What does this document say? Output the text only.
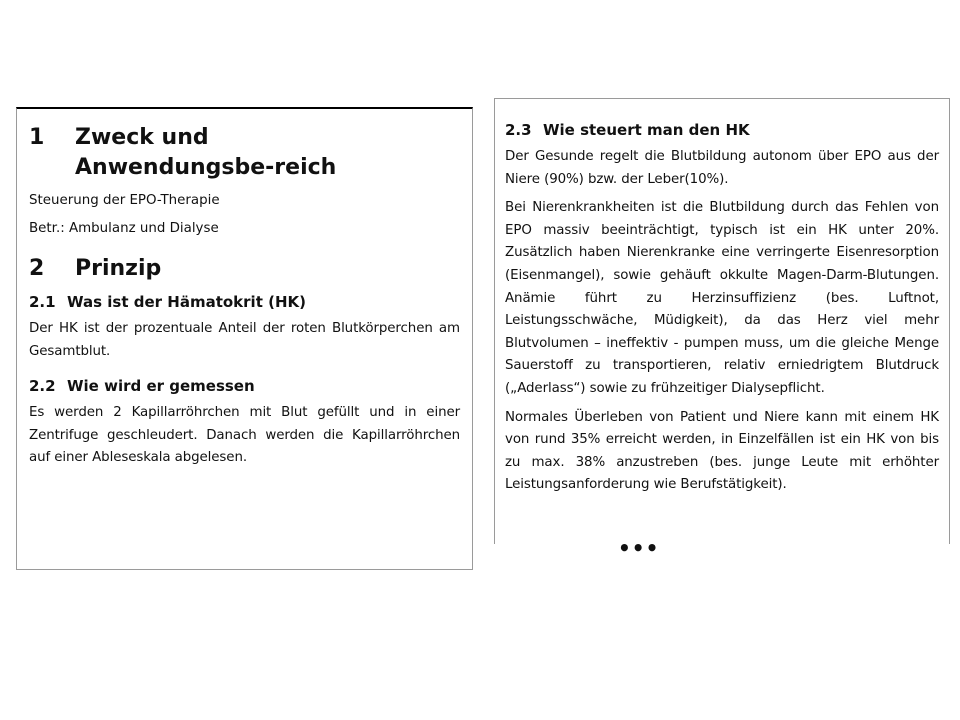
1	Zweck und Anwendungsbe-reich

Steuerung der EPO-Therapie

Betr.: Ambulanz und Dialyse

2	Prinzip
2.1 Was ist der Hämatokrit (HK)

Der HK ist der prozentuale Anteil der roten Blutkörperchen am Gesamtblut.

2.2 Wie wird er gemessen

Es werden 2 Kapillarröhrchen mit Blut gefüllt und in einer Zentrifuge geschleudert. Danach werden die Kapillarröhrchen auf einer Ableseskala abgelesen.

2.3 Wie steuert man den HK

Der Gesunde regelt die Blutbildung autonom über EPO aus der Niere (90%) bzw. der Leber(10%).

Bei Nierenkrankheiten ist die Blutbildung durch das Fehlen von EPO massiv beeinträchtigt, typisch ist ein HK unter 20%. Zusätzlich haben Nierenkranke eine verringerte Eisenresorption (Eisenmangel), sowie gehäuft okkulte Magen-Darm-Blutungen. Anämie führt zu Herzinsuffizienz (bes. Luftnot, Leistungsschwäche, Müdigkeit), da das Herz viel mehr Blutvolumen – ineffektiv - pumpen muss, um die gleiche Menge Sauerstoff zu transportieren, relativ erniedrigtem Blutdruck („Aderlass“) sowie zu frühzeitiger Dialysepflicht.

Normales Überleben von Patient und Niere kann mit einem HK von rund 35% erreicht werden, in Einzelfällen ist ein HK von bis zu max. 38% anzustreben (bes. junge Leute mit erhöhter Leistungsanforderung wie Berufstätigkeit).

•••
